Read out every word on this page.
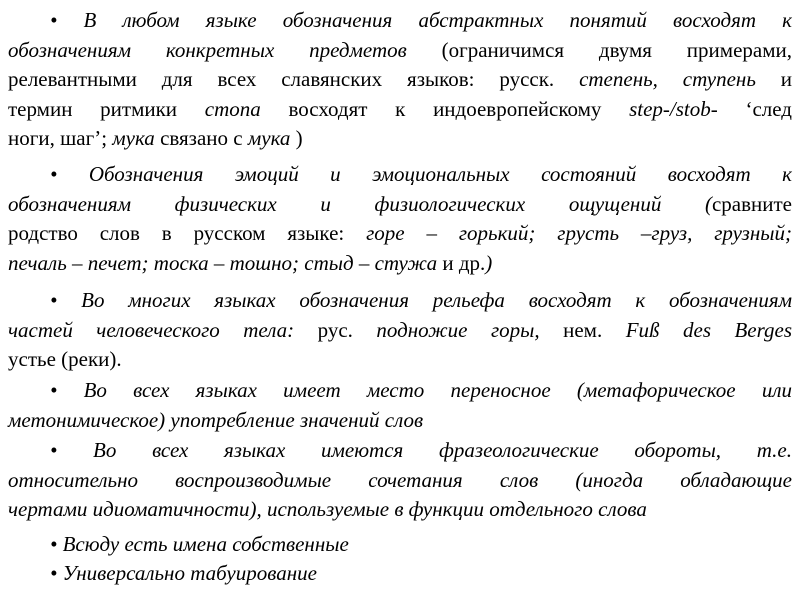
• В любом языке обозначения абстрактных понятий восходят к
обозначениям конкретных предметов (ограничимся двумя примерами,
релевантными для всех славянских языков: русск. степень, ступень и
термин ритмики стопа восходят к индоевропейскому step-/stob- ‘след
ноги, шаг’; мука связано с мука )
• Обозначения эмоций и эмоциональных состояний восходят к
обозначениям физических и физиологических ощущений (сравните
родство слов в русском языке: горе – горький; грусть –груз, грузный;
печаль – печет; тоска – тошно; стыд – стужа и др.)
• Во многих языках обозначения рельефа восходят к обозначениям
частей человеческого тела: рус. подножие горы, нем. Fuß des Berges
устье (реки).
• Во всех языках имеет место переносное (метафорическое или
метонимическое) употребление значений слов
• Во всех языках имеются фразеологические обороты, т.е.
относительно воспроизводимые сочетания слов (иногда обладающие
чертами идиоматичности), используемые в функции отдельного слова
• Всюду есть имена собственные
• Универсально табуирование
